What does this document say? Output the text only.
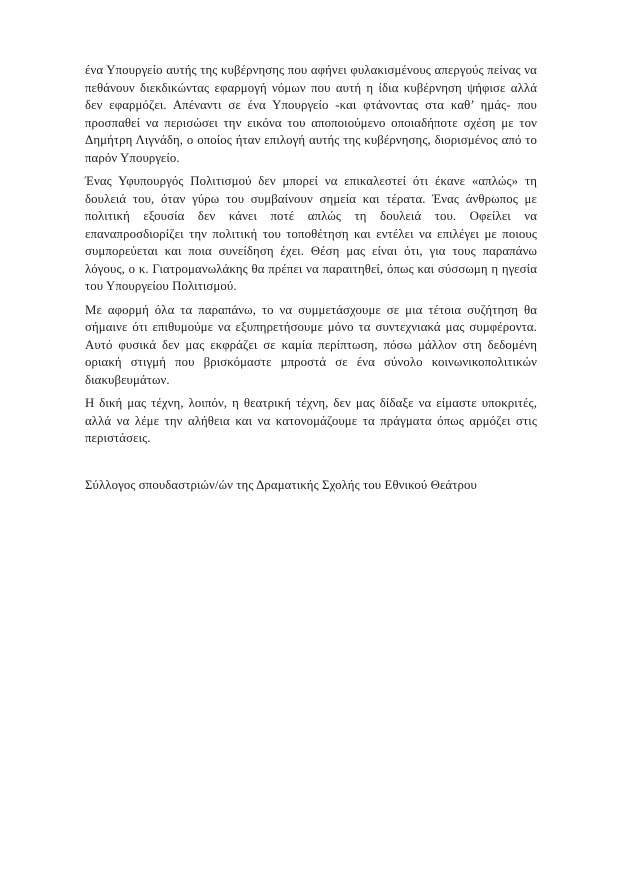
ένα Υπουργείο αυτής της κυβέρνησης που αφήνει φυλακισμένους απεργούς πείνας να πεθάνουν διεκδικώντας εφαρμογή νόμων που αυτή η ίδια κυβέρνηση ψήφισε αλλά δεν εφαρμόζει. Απέναντι σε ένα Υπουργείο -και φτάνοντας στα καθ’ ημάς- που προσπαθεί να περισώσει την εικόνα του αποποιούμενο οποιαδήποτε σχέση με τον Δημήτρη Λιγνάδη, ο οποίος ήταν επιλογή αυτής της κυβέρνησης, διορισμένος από το παρόν Υπουργείο.

Ένας Υφυπουργός Πολιτισμού δεν μπορεί να επικαλεστεί ότι έκανε «απλώς» τη δουλειά του, όταν γύρω του συμβαίνουν σημεία και τέρατα. Ένας άνθρωπος με πολιτική εξουσία δεν κάνει ποτέ απλώς τη δουλειά του. Οφείλει να επαναπροσδιορίζει την πολιτική του τοποθέτηση και εντέλει να επιλέγει με ποιους συμπορεύεται και ποια συνείδηση έχει. Θέση μας είναι ότι, για τους παραπάνω λόγους, ο κ. Γιατρομανωλάκης θα πρέπει να παραιτηθεί, όπως και σύσσωμη η ηγεσία του Υπουργείου Πολιτισμού.

Με αφορμή όλα τα παραπάνω, το να συμμετάσχουμε σε μια τέτοια συζήτηση θα σήμαινε ότι επιθυμούμε να εξυπηρετήσουμε μόνο τα συντεχνιακά μας συμφέροντα. Αυτό φυσικά δεν μας εκφράζει σε καμία περίπτωση, πόσω μάλλον στη δεδομένη οριακή στιγμή που βρισκόμαστε μπροστά σε ένα σύνολο κοινωνικοπολιτικών διακυβευμάτων.

Η δική μας τέχνη, λοιπόν, η θεατρική τέχνη, δεν μας δίδαξε να είμαστε υποκριτές, αλλά να λέμε την αλήθεια και να κατονομάζουμε τα πράγματα όπως αρμόζει στις περιστάσεις.

Σύλλογος σπουδαστριών/ών της Δραματικής Σχολής του Εθνικού Θεάτρου
